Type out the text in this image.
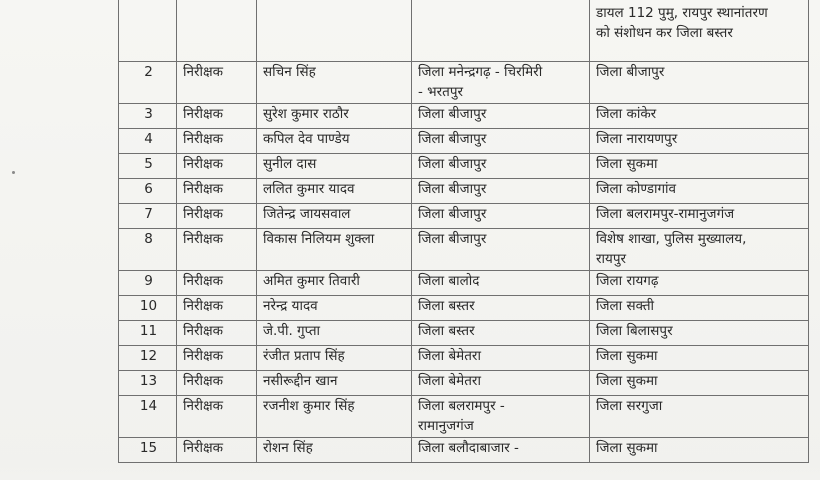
				डायल 112 पुमु, रायपुर स्थानांतरण
को संशोधन कर जिला बस्तर

2	निरीक्षक	सचिन सिंह	जिला मनेन्द्रगढ़ - चिरमिरी
- भरतपुर	जिला बीजापुर

3	निरीक्षक	सुरेश कुमार राठौर	जिला बीजापुर	जिला कांकेर

4	निरीक्षक	कपिल देव पाण्डेय	जिला बीजापुर	जिला नारायणपुर

5	निरीक्षक	सुनील दास	जिला बीजापुर	जिला सुकमा

6	निरीक्षक	ललित कुमार यादव	जिला बीजापुर	जिला कोण्डागांव

7	निरीक्षक	जितेन्द्र जायसवाल	जिला बीजापुर	जिला बलरामपुर-रामानुजगंज

8	निरीक्षक	विकास निलियम शुक्ला	जिला बीजापुर	विशेष शाखा, पुलिस मुख्यालय,
रायपुर

9	निरीक्षक	अमित कुमार तिवारी	जिला बालोद	जिला रायगढ़

10	निरीक्षक	नरेन्द्र यादव	जिला बस्तर	जिला सक्ती

11	निरीक्षक	जे.पी. गुप्ता	जिला बस्तर	जिला बिलासपुर

12	निरीक्षक	रंजीत प्रताप सिंह	जिला बेमेतरा	जिला सुकमा

13	निरीक्षक	नसीरूद्दीन खान	जिला बेमेतरा	जिला सुकमा

14	निरीक्षक	रजनीश कुमार सिंह	जिला बलरामपुर -
रामानुजगंज	जिला सरगुजा

15	निरीक्षक	रोशन सिंह	जिला बलौदाबाजार -	जिला सुकमा
